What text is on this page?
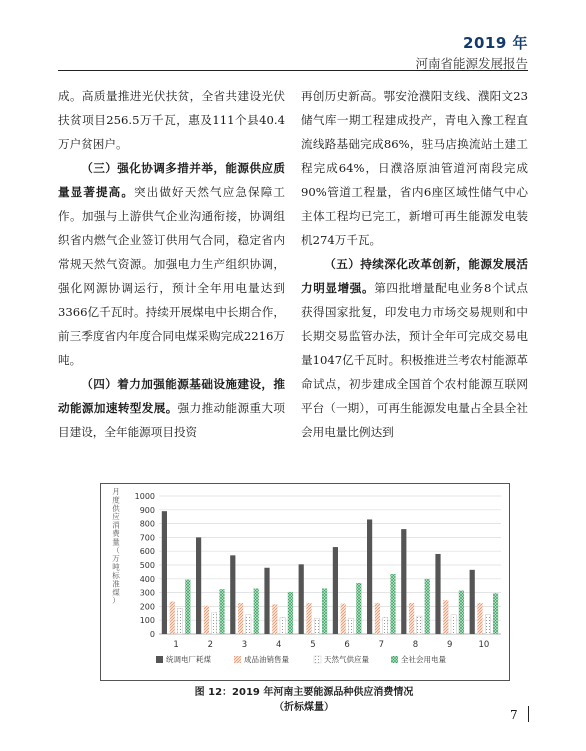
2019 年
河南省能源发展报告

成。高质量推进光伏扶贫，全省共建设光伏扶贫项目256.5万千瓦，惠及111个县40.4万户贫困户。

（三）强化协调多措并举，能源供应质量显著提高。突出做好天然气应急保障工作。加强与上游供气企业沟通衔接，协调组织省内燃气企业签订供用气合同，稳定省内常规天然气资源。加强电力生产组织协调，强化网源协调运行，预计全年用电量达到3366亿千瓦时。持续开展煤电中长期合作，前三季度省内年度合同电煤采购完成2216万吨。

（四）着力加强能源基础设施建设，推动能源加速转型发展。强力推动能源重大项目建设，全年能源项目投资

再创历史新高。鄂安沧濮阳支线、濮阳文23储气库一期工程建成投产，青电入豫工程直流线路基础完成86%，驻马店换流站土建工程完成64%，日濮洛原油管道河南段完成90%管道工程量，省内6座区域性储气中心主体工程均已完工，新增可再生能源发电装机274万千瓦。

（五）持续深化改革创新，能源发展活力明显增强。第四批增量配电业务8个试点获得国家批复，印发电力市场交易规则和中长期交易监管办法，预计全年可完成交易电量1047亿千瓦时。积极推进兰考农村能源革命试点，初步建成全国首个农村能源互联网平台（一期），可再生能源发电量占全县全社会用电量比例达到

月
度
供
应
消
费
量
（
万
吨
标
准
煤
）
0
100
200
300
400
500
600
700
800
900
1000
1	2	3	4	5	6	7	8	9	10
统调电厂耗煤	成品油销售量	天然气供应量	全社会用电量
图 12：2019 年河南主要能源品种供应消费情况
（折标煤量）
7
